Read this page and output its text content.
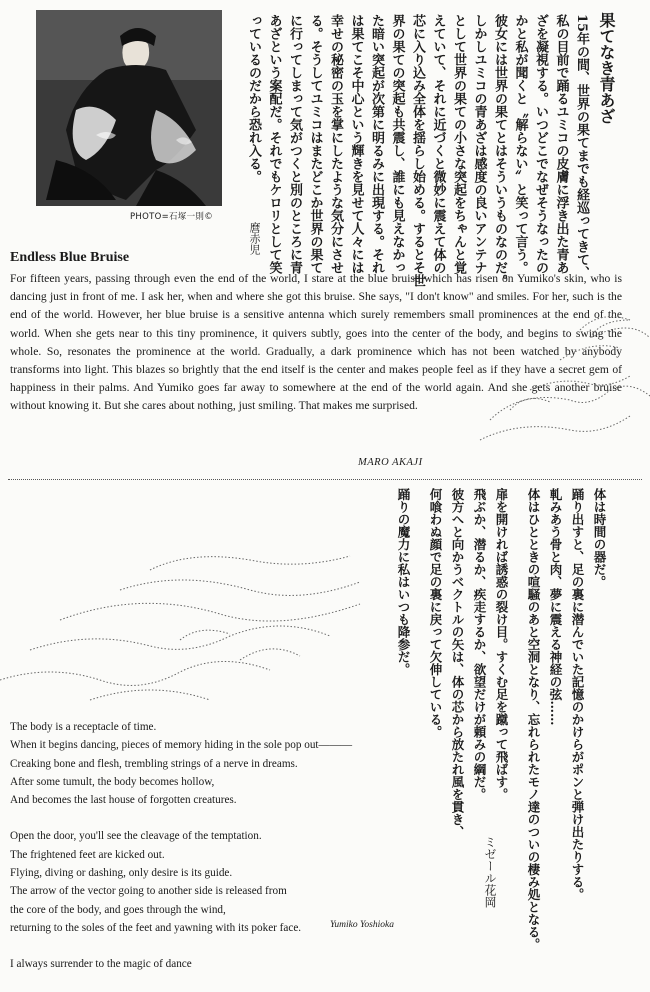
PHOTO=石塚一則©
果てなき青あざ
15年の間、世界の果てまでも経巡ってきて、
私の目前で踊るユミコの皮膚に浮き出た青あ
ざを凝視する。いつどこでなぜそうなったの
かと私が聞くと〝解らない〟と笑って言う。
彼女には世界の果てとはそういうものなのだ。
しかしユミコの青あざは感度の良いアンテナ
として世界の果ての小さな突起をちゃんと覚
えていて、それに近づくと微妙に震えて体の
芯に入り込み全体を揺らし始める。するとそ世
界の果ての突起も共震し、誰にも見えなかっ
た暗い突起が次第に明るみに出現する。それ
は果てこそ中心という輝きを見せて人々には
幸せの秘密の玉を掌にしたような気分にさせ
る。そうしてユミコはまたどこか世界の果て
に行ってしまって気がつくと別のところに青
あざという案配だ。それでもケロリとして笑
っているのだから恐れ入る。
麿赤児
Endless Blue Bruise

For fifteen years, passing through even the end of the world, I stare at the blue bruise which has risen on Yumiko's skin, who is dancing just in front of me. I ask her, when and where she got this bruise. She says, "I don't know" and smiles. For her, such is the end of the world. However, her blue bruise is a sensitive antenna which surely remembers small prominences at the end of the world. When she gets near to this tiny prominence, it quivers subtly, goes into the center of the body, and begins to swing the whole. So, resonates the prominence at the world. Gradually, a dark prominence which has not been watched by anybody transforms into light. This blazes so brightly that the end itself is the center and makes people feel as if they have a secret gem of happiness in their palms. And Yumiko goes far away to somewhere at the end of the world again. And she gets another bruise without knowing it. But she cares about nothing, just smiling. That makes me surprised.

MARO AKAJI
体は時間の器だ。
踊り出すと、足の裏に潜んでいた記憶のかけらがポンと弾け出たりする。
軋みあう骨と肉、夢に震える神経の弦……
体はひとときの喧騒のあと空洞となり、忘れられたモノ達のついの棲み処となる。
扉を開ければ誘惑の裂け目。すくむ足を蹴って飛ばす。
飛ぶか、潜るか、疾走するか、欲望だけが頼みの綱だ。
彼方へと向かうベクトルの矢は、体の芯から放たれ風を貫き、
何喰わぬ顔で足の裏に戻って欠伸している。
踊りの魔力に私はいつも降参だ。
ミゼール花岡

The body is a receptacle of time.

When it begins dancing, pieces of memory hiding in the sole pop out———

Creaking bone and flesh, trembling strings of a nerve in dreams.

After some tumult, the body becomes hollow,

And becomes the last house of forgotten creatures.

Open the door, you'll see the cleavage of the temptation.

The frightened feet are kicked out.

Flying, diving or dashing, only desire is its guide.

The arrow of the vector going to another side is released from

the core of the body, and goes through the wind,

returning to the soles of the feet and yawning with its poker face.

I always surrender to the magic of dance

Yumiko Yoshioka
